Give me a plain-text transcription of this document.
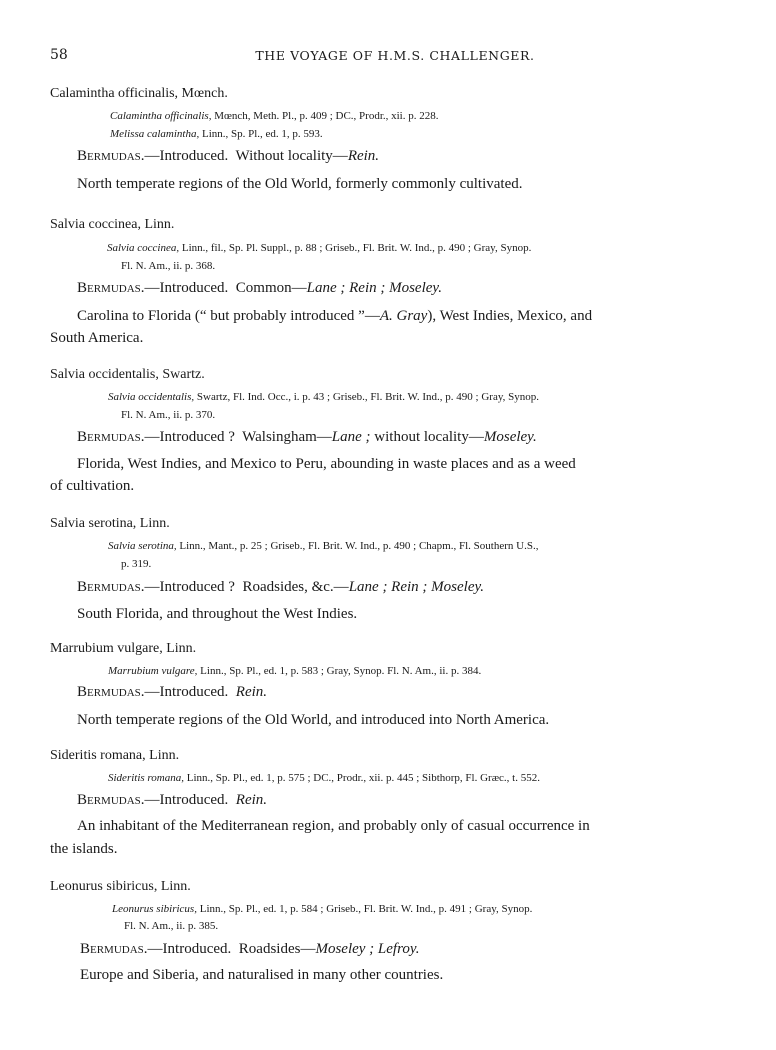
58	THE VOYAGE OF H.M.S. CHALLENGER.
Calamintha officinalis, Mœnch.
Calamintha officinalis, Mœnch, Meth. Pl., p. 409 ; DC., Prodr., xii. p. 228.
Melissa calamintha, Linn., Sp. Pl., ed. 1, p. 593.
Bermudas.—Introduced.  Without locality—Rein.
North temperate regions of the Old World, formerly commonly cultivated.
Salvia coccinea, Linn.
Salvia coccinea, Linn., fil., Sp. Pl. Suppl., p. 88 ; Griseb., Fl. Brit. W. Ind., p. 490 ; Gray, Synop.
Fl. N. Am., ii. p. 368.
Bermudas.—Introduced.  Common—Lane ; Rein ; Moseley.
Carolina to Florida (“ but probably introduced ”—A. Gray), West Indies, Mexico, and
South America.
Salvia occidentalis, Swartz.
Salvia occidentalis, Swartz, Fl. Ind. Occ., i. p. 43 ; Griseb., Fl. Brit. W. Ind., p. 490 ; Gray, Synop.
Fl. N. Am., ii. p. 370.
Bermudas.—Introduced ?  Walsingham—Lane ; without locality—Moseley.
Florida, West Indies, and Mexico to Peru, abounding in waste places and as a weed
of cultivation.
Salvia serotina, Linn.
Salvia serotina, Linn., Mant., p. 25 ; Griseb., Fl. Brit. W. Ind., p. 490 ; Chapm., Fl. Southern U.S.,
p. 319.
Bermudas.—Introduced ?  Roadsides, &c.—Lane ; Rein ; Moseley.
South Florida, and throughout the West Indies.
Marrubium vulgare, Linn.
Marrubium vulgare, Linn., Sp. Pl., ed. 1, p. 583 ; Gray, Synop. Fl. N. Am., ii. p. 384.
Bermudas.—Introduced. Rein.
North temperate regions of the Old World, and introduced into North America.
Sideritis romana, Linn.
Sideritis romana, Linn., Sp. Pl., ed. 1, p. 575 ; DC., Prodr., xii. p. 445 ; Sibthorp, Fl. Græc., t. 552.
Bermudas.—Introduced. Rein.
An inhabitant of the Mediterranean region, and probably only of casual occurrence in
the islands.
Leonurus sibiricus, Linn.
Leonurus sibiricus, Linn., Sp. Pl., ed. 1, p. 584 ; Griseb., Fl. Brit. W. Ind., p. 491 ; Gray, Synop.
Fl. N. Am., ii. p. 385.
Bermudas.—Introduced.  Roadsides—Moseley ; Lefroy.
Europe and Siberia, and naturalised in many other countries.
